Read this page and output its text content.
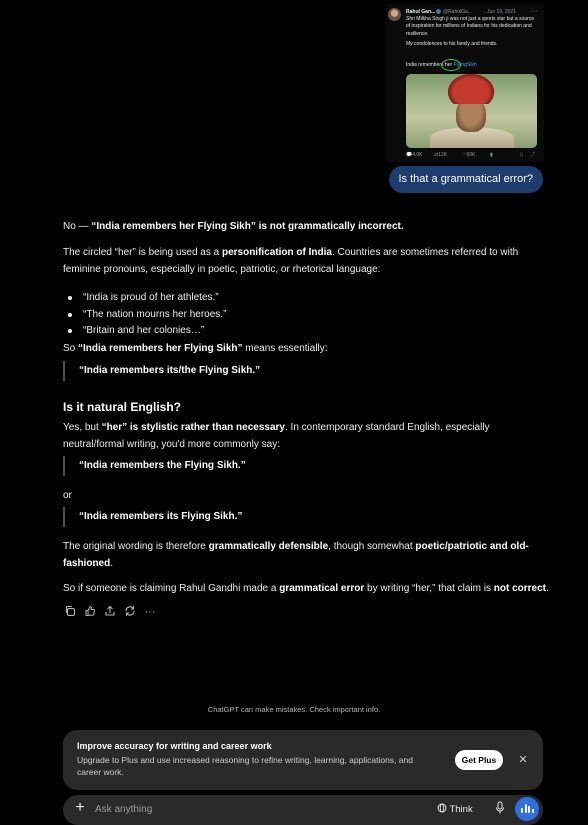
Rahul Gan... @RahulGa... · Jun 19, 2021 ···

Shri Milkha Singh ji was not just a sports star but a source of inspiration for millions of Indians for his dedication and resilience.

My condolences to his family and friends.

India remembers her
FlyingSikh
💬 4.0K ⇄ 12K	♡ 60K	▮	▯ ⤴
Is that a grammatical error?

No — “India remembers her Flying Sikh” is not grammatically incorrect.

The circled “her” is being used as a personification of India. Countries are sometimes referred to with feminine pronouns, especially in poetic, patriotic, or rhetorical language:

“India is proud of her athletes.”
“The nation mourns her heroes.”
“Britain and her colonies…”

So “India remembers her Flying Sikh” means essentially:

“India remembers its/the Flying Sikh.”
Is it natural English?

Yes, but “her” is stylistic rather than necessary. In contemporary standard English, especially neutral/formal writing, you'd more commonly say:

“India remembers the Flying Sikh.”

or

“India remembers its Flying Sikh.”

The original wording is therefore grammatically defensible, though somewhat poetic/patriotic and old-fashioned.

So if someone is claiming Rahul Gandhi made a grammatical error by writing “her,” that claim is not correct.

···
ChatGPT can make mistakes. Check important info.
Improve accuracy for writing and career work
Upgrade to Plus and use increased reasoning to refine writing, learning, applications, and career work.
Get Plus	✕
+	Ask anything	Think
